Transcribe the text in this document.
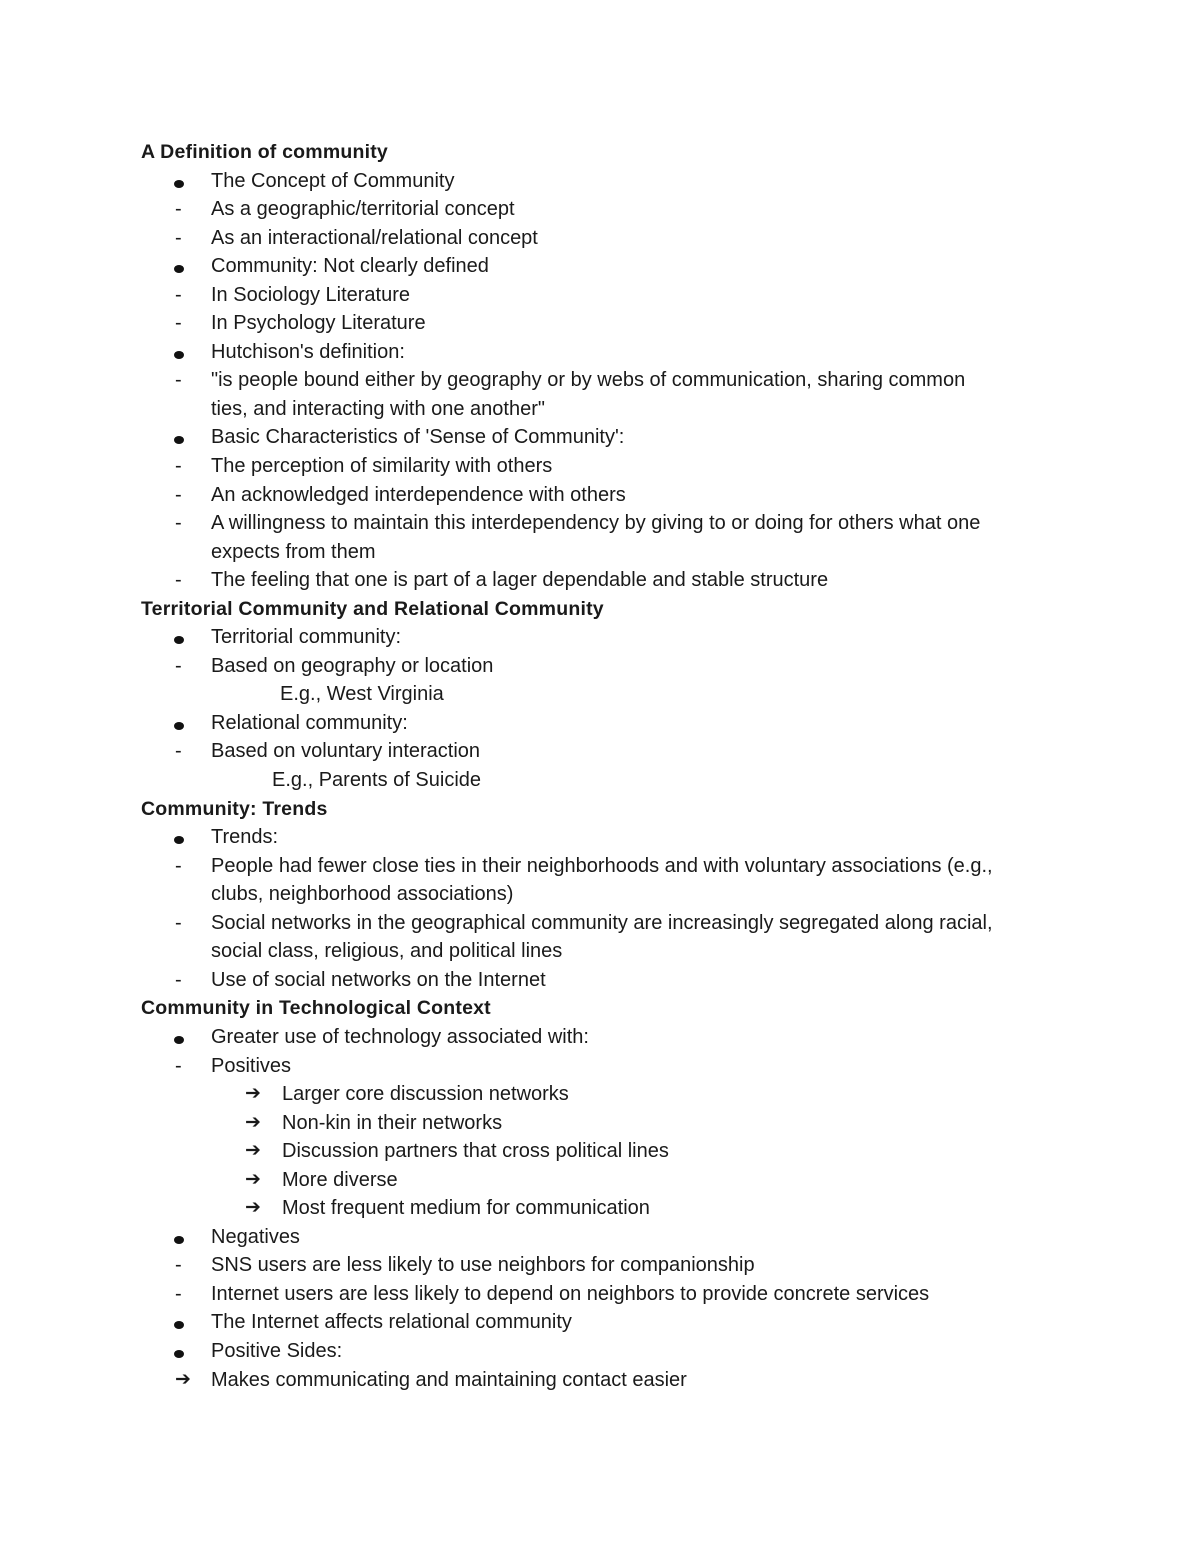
A Definition of community
The Concept of Community
- As a geographic/territorial concept
- As an interactional/relational concept
Community: Not clearly defined
- In Sociology Literature
- In Psychology Literature
Hutchison's definition:
- "is people bound either by geography or by webs of communication, sharing common
ties, and interacting with one another"
Basic Characteristics of 'Sense of Community':
- The perception of similarity with others
- An acknowledged interdependence with others
- A willingness to maintain this interdependency by giving to or doing for others what one
expects from them
- The feeling that one is part of a lager dependable and stable structure
Territorial Community and Relational Community
Territorial community:
- Based on geography or location
E.g., West Virginia
Relational community:
- Based on voluntary interaction
E.g., Parents of Suicide
Community: Trends
Trends:
- People had fewer close ties in their neighborhoods and with voluntary associations (e.g.,
clubs, neighborhood associations)
- Social networks in the geographical community are increasingly segregated along racial,
social class, religious, and political lines
- Use of social networks on the Internet
Community in Technological Context
Greater use of technology associated with:
- Positives
➔ Larger core discussion networks
➔ Non-kin in their networks
➔ Discussion partners that cross political lines
➔ More diverse
➔ Most frequent medium for communication
Negatives
- SNS users are less likely to use neighbors for companionship
- Internet users are less likely to depend on neighbors to provide concrete services
The Internet affects relational community
Positive Sides:
➔ Makes communicating and maintaining contact easier
